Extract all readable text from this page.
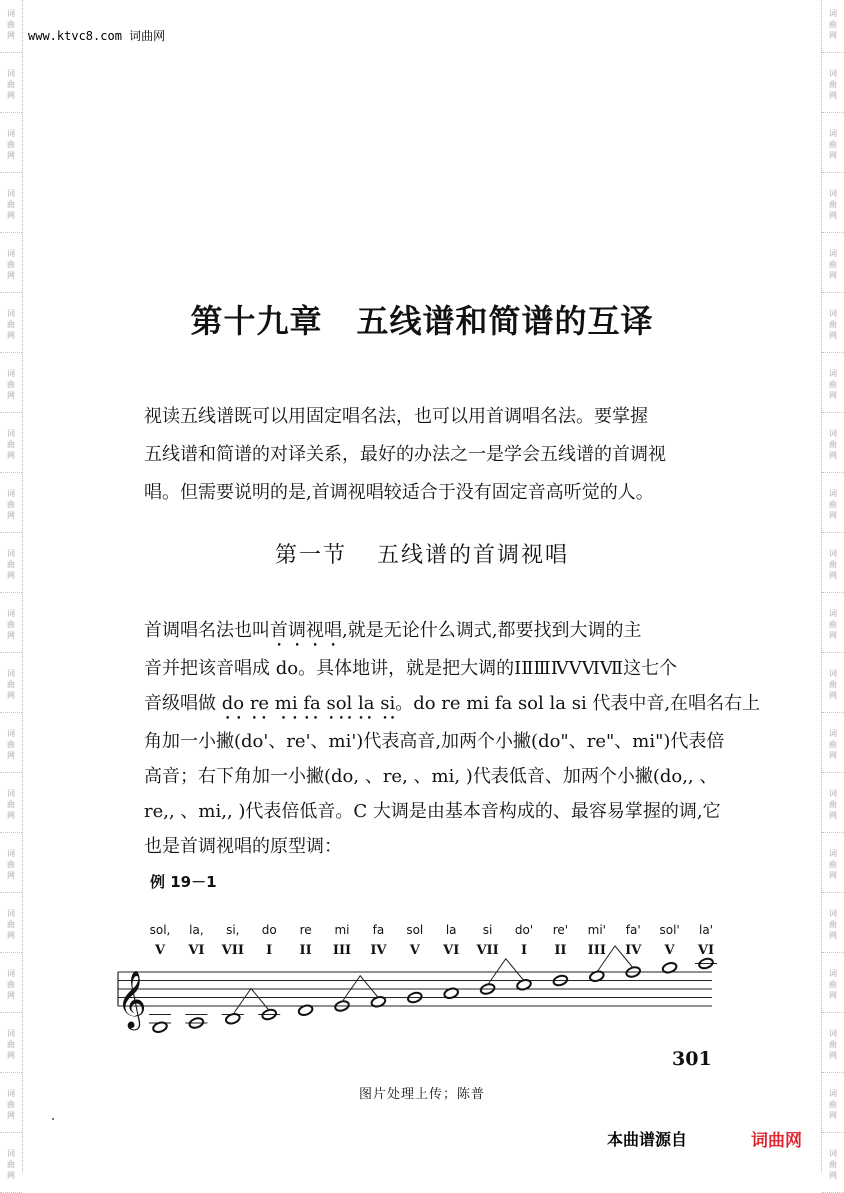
词
曲
网
词
曲
网
词
曲
网
词
曲
网
词
曲
网
词
曲
网
词
曲
网
词
曲
网
词
曲
网
词
曲
网
词
曲
网
词
曲
网
词
曲
网
词
曲
网
词
曲
网
词
曲
网
词
曲
网
词
曲
网
词
曲
网
词
曲
网
词
曲
网
词
曲
网
词
曲
网
词
曲
网
词
曲
网
词
曲
网
词
曲
网
词
曲
网
词
曲
网
词
曲
网
词
曲
网
词
曲
网
词
曲
网
词
曲
网
词
曲
网
词
曲
网
词
曲
网
词
曲
网
词
曲
网
词
曲
网
www.ktvc8.com 词曲网
第十九章 五线谱和简谱的互译

视读五线谱既可以用固定唱名法，也可以用首调唱名法。要掌握
五线谱和简谱的对译关系，最好的办法之一是学会五线谱的首调视
唱。但需要说明的是,首调视唱较适合于没有固定音高听觉的人。

第一节 五线谱的首调视唱

首调唱名法也叫首调视唱,就是无论什么调式,都要找到大调的主
音并把该音唱成 do。具体地讲，就是把大调的ⅠⅡⅢⅣⅤⅥⅦ这七个
音级唱做 do re mi fa sol la si。do re mi fa sol la si 代表中音,在唱名右上
角加一小撇(do'、re'、mi')代表高音,加两个小撇(do"、re"、mi")代表倍
高音；右下角加一小撇(do, 、re, 、mi, )代表低音、加两个小撇(do,, 、
re,, 、mi,, )代表倍低音。C 大调是由基本音构成的、最容易掌握的调,它
也是首调视唱的原型调：

例 19－1
𝄞
sol, la, si, do re mi fa sol la si do' re' mi' fa' sol' la'
V VI VII I II III IV V VI VII I II III IV V VI
301
图片处理上传；陈普
本曲谱源自	词曲网
